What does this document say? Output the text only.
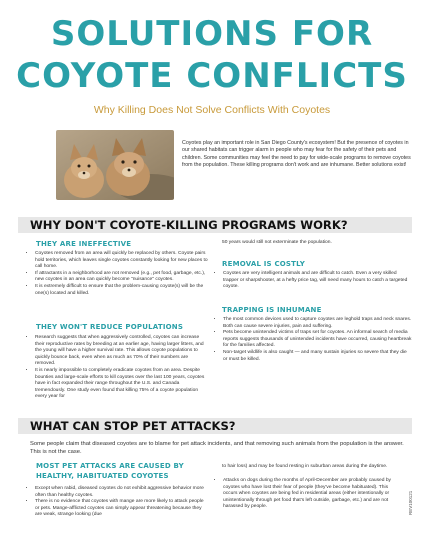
SOLUTIONS FOR
COYOTE CONFLICTS
Why Killing Does Not Solve Conflicts With Coyotes
Coyotes play an important role in San Diego County's ecosystem! But the presence of coyotes in our shared habitats can trigger alarm in people who may fear for the safety of their pets and children. Some communities may feel the need to pay for wide-scale programs to remove coyotes from the population. These killing programs don't work and are inhumane. Better solutions exist!
WHY DON'T COYOTE-KILLING PROGRAMS WORK?
THEY ARE INEFFECTIVE
• Coyotes removed from an area will quickly be replaced by others. Coyote pairs hold territories, which leaves single coyotes constantly looking for new places to call home.
• If attractants in a neighborhood are not removed (e.g., pet food, garbage, etc.), new coyotes in an area can quickly become "nuisance" coyotes.
• It is extremely difficult to ensure that the problem-causing coyote(s) will be the one(s) located and killed.
THEY WON'T REDUCE POPULATIONS
• Research suggests that when aggressively controlled, coyotes can increase their reproductive rates by breeding at an earlier age, having larger litters, and the young will have a higher survival rate. This allows coyote populations to quickly bounce back, even when as much as 70% of their numbers are removed.
• It is nearly impossible to completely eradicate coyotes from an area. Despite bounties and large-scale efforts to kill coyotes over the last 100 years, coyotes have in fact expanded their range throughout the U.S. and Canada tremendously. One study even found that killing 75% of a coyote population every year for
50 years would still not exterminate the population.
REMOVAL IS COSTLY
• Coyotes are very intelligent animals and are difficult to catch. Even a very skilled trapper or sharpshooter, at a hefty price tag, will need many hours to catch a targeted coyote.
TRAPPING IS INHUMANE
• The most common devices used to capture coyotes are leghold traps and neck snares. Both can cause severe injuries, pain and suffering.
• Pets become unintended victims of traps set for coyotes. An informal search of media reports suggests thousands of unintended incidents have occurred, causing heartbreak for the families affected.
• Non-target wildlife is also caught — and many sustain injuries so severe that they die or must be killed.
WHAT CAN STOP PET ATTACKS?
Some people claim that diseased coyotes are to blame for pet attack incidents, and that removing such animals from the population is the answer. This is not the case.
MOST PET ATTACKS ARE CAUSED BY
HEALTHY, HABITUATED COYOTES
• Except when rabid, diseased coyotes do not exhibit aggressive behavior more often than healthy coyotes.
• There is no evidence that coyotes with mange are more likely to attack people or pets. Mange-afflicted coyotes can simply appear threatening because they are weak, strange looking (due
to hair loss) and may be found resting in suburban areas during the daytime.
• Attacks on dogs during the months of April-December are probably caused by coyotes who have lost their fear of people (they've become habituated). This occurs when coyotes are being fed in residential areas (either intentionally or unintentionally through pet food that's left outside, garbage, etc.) and are not harassed by people.	REV100121
